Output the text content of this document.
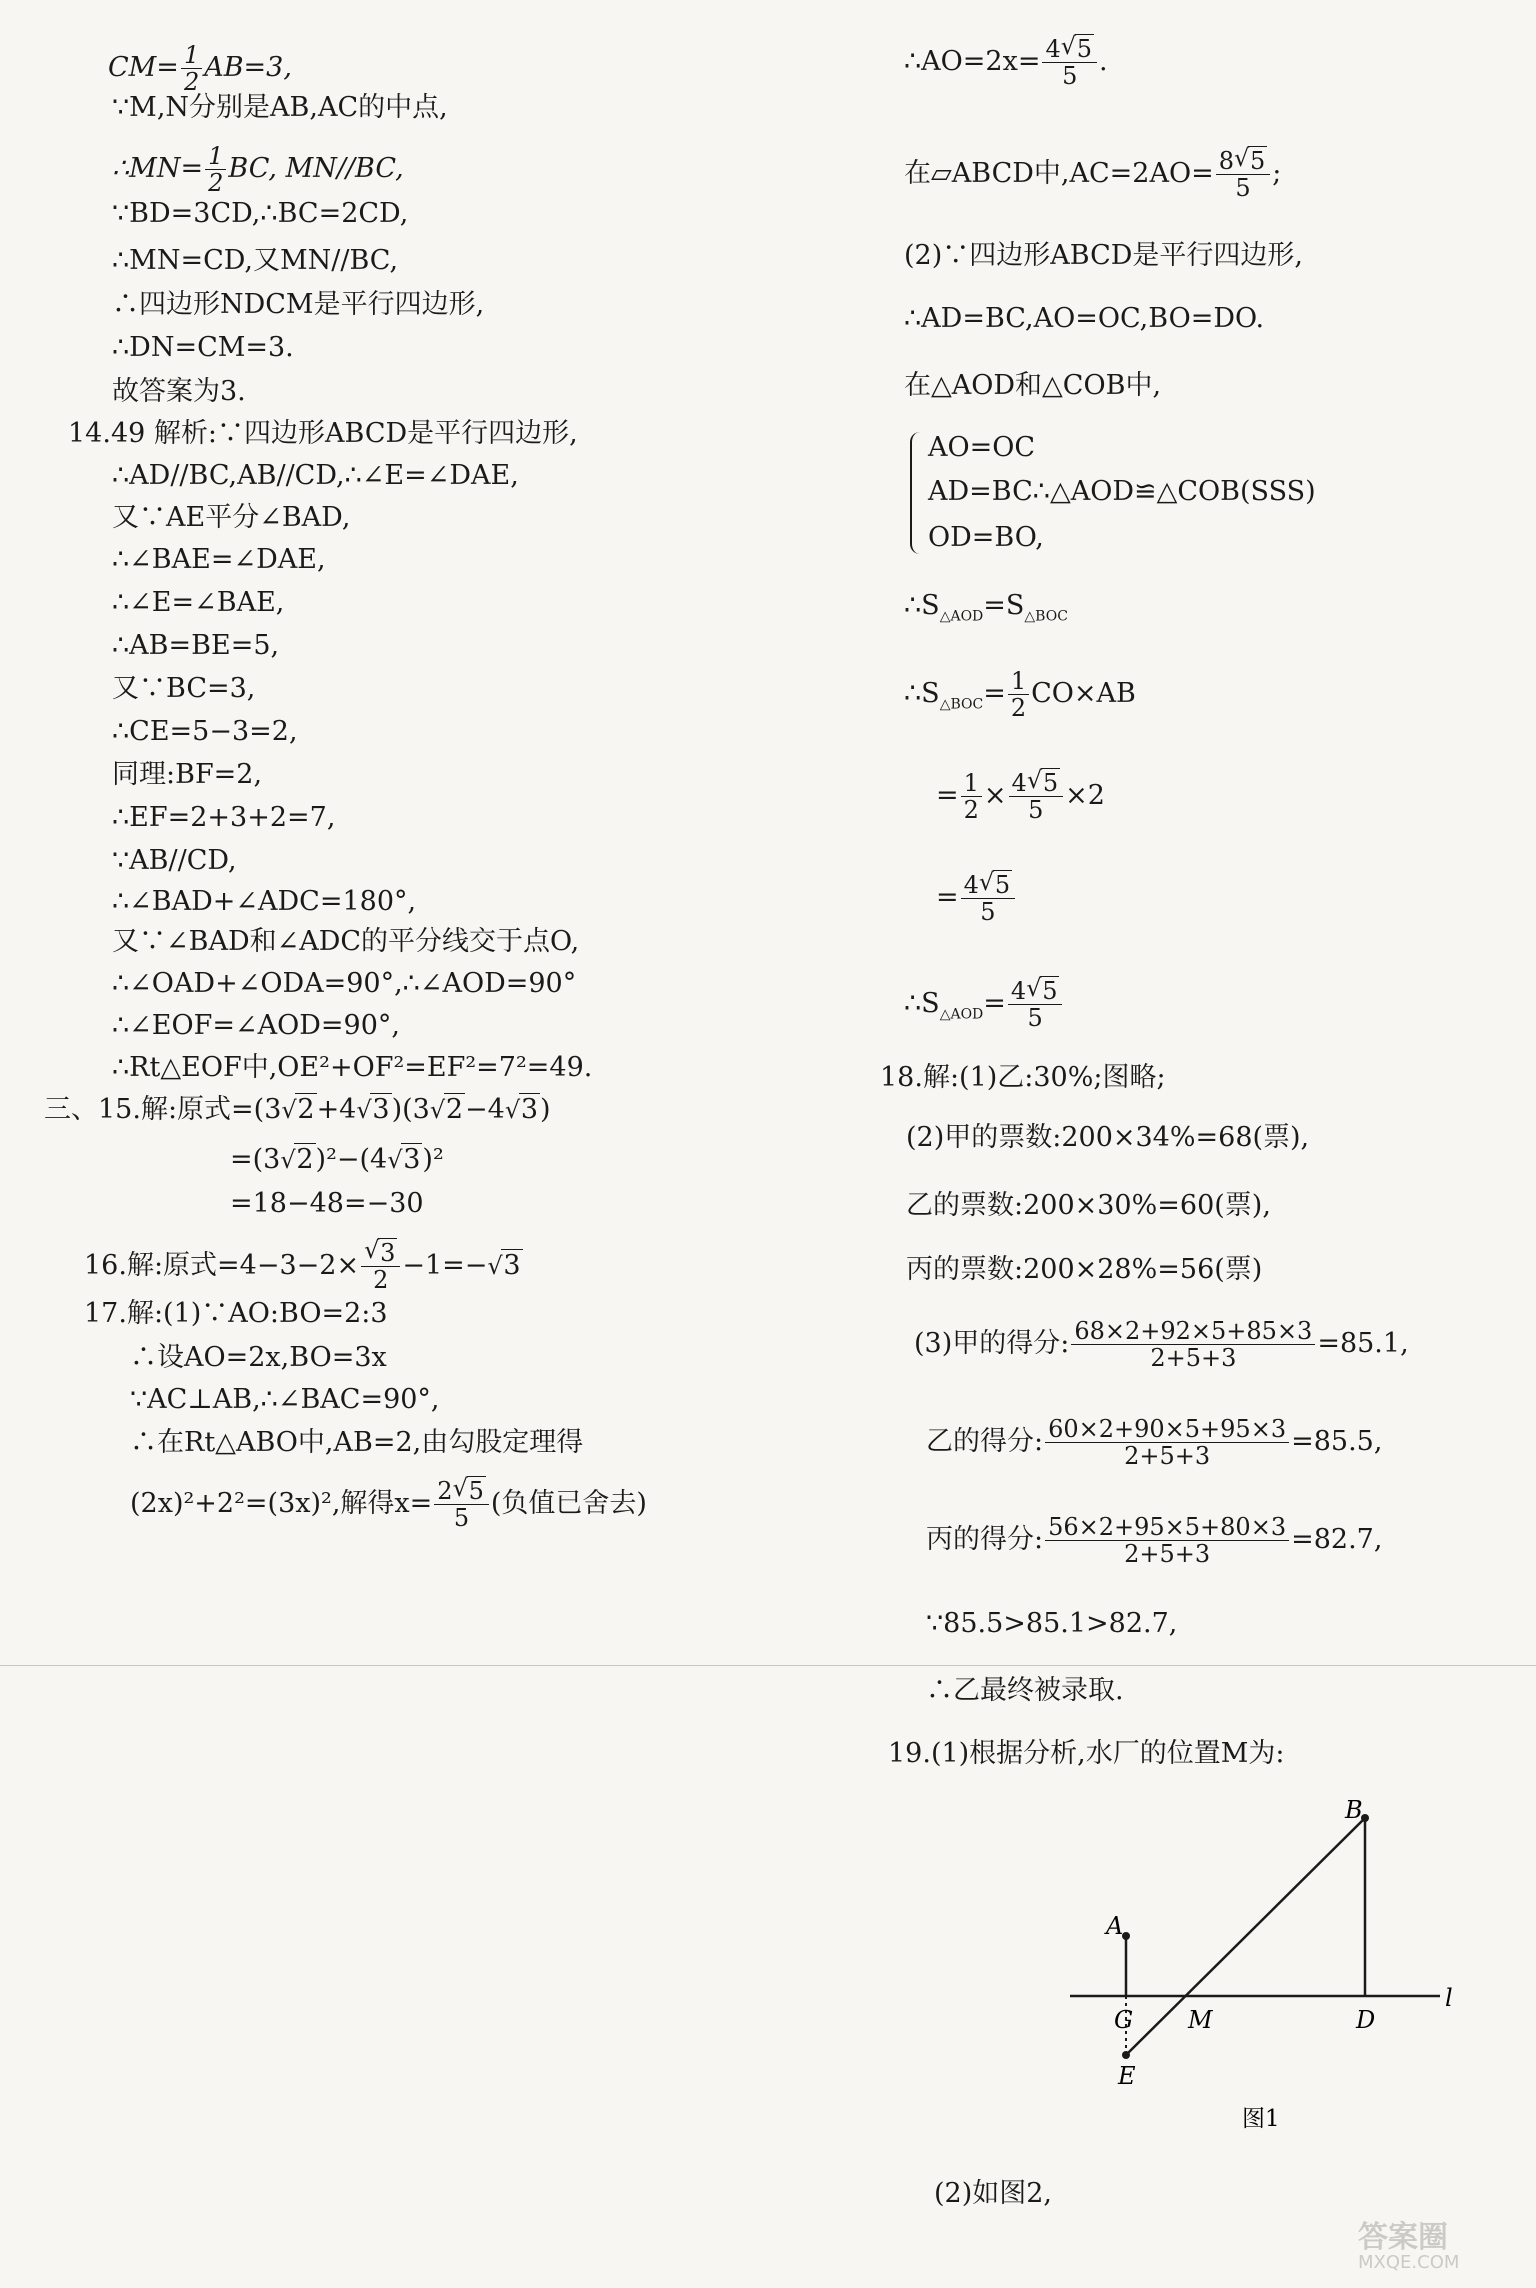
$CM= \frac{1}{2} AB=3$,
∵M,N分别是AB,AC的中点,
∴MN= $\frac{1}{2}$ BC, MN//BC,
∵BD=3CD,∴BC=2CD,
∴MN=CD,又MN//BC,
∴四边形NDCM是平行四边形,
∴DN=CM=3.
故答案为3.
14.49 解析:∵四边形ABCD是平行四边形,
∴AD//BC,AB//CD,∴∠E=∠DAE,
又∵AE平分∠BAD,
∴∠BAE=∠DAE,
∴∠E=∠BAE,
∴AB=BE=5,
又∵BC=3,
∴CE=5−3=2,
同理:BF=2,
∴EF=2+3+2=7,
∵AB//CD,
∴∠BAD+∠ADC=180°,
又∵∠BAD和∠ADC的平分线交于点O,
∴∠OAD+∠ODA=90°,∴∠AOD=90°
∴∠EOF=∠AOD=90°,
∴Rt△EOF中,OE²+OF²=EF²=7²=49.
三、15.解:原式=(3√ 2+4√ 3)(3√ 2−4√ 3)
=(3√ 2)²−(4√ 3)²
=18−48=−30
16.解:原式=4−3−2×
√ $\frac{3}{2} -1=-√$ 3
17.解:(1)∵AO:BO=2:3
∴设AO=2x,BO=3x
∵AC⊥AB,∴∠BAC=90°,
∴在Rt△ABO中,AB=2,由勾股定理得
(2x)²+2²=(3x)²,解得$x= \frac{2√ 5}{5}$ (负值已舍去)
∴AO=2x= $\frac{4√ 5}{5}$ .
在▱ABCD中$,AC=2AO= \frac{8√ 5}{5}$ ;
(2)∵四边形ABCD是平行四边形,
∴AD=BC,AO=OC,BO=DO.
在△AOD和△COB中,
AO=OC
AD=BC∴△AOD≌△COB(SSS)
OD=BO,
$\therefore S_{\triangle AOD}=S_{\triangle BOC}$
$\therefore S_{\triangle BOC}= \frac{1}{2} CO\times AB$
= $\frac{1}{2} \times \frac{4√ 5}{5} \times 2$
= $\frac{4√ 5}{5}$
$\therefore S_{\triangle AOD}= \frac{4√ 5}{5}$
18.解:(1)乙:30%;图略;
(2)甲的票数:200×34%=68(票),
乙的票数:200×30%=60(票),
丙的票数:200×28%=56(票)
(3)甲的得分: $\frac{68\times 2+92\times 5+85\times 3}{2+5+3} =85.1$,
乙的得分: $\frac{60\times 2+90\times 5+95\times 3}{2+5+3} =85.5$,
丙的得分: $\frac{56\times 2+95\times 5+80\times 3}{2+5+3} =82.7$,
∵85.5>85.1>82.7,
∴乙最终被录取.
19.(1)根据分析,水厂的位置M为:
(2)如图2,
A
B
G M	D
E
l
图1
答案圈
MXQE.COM
